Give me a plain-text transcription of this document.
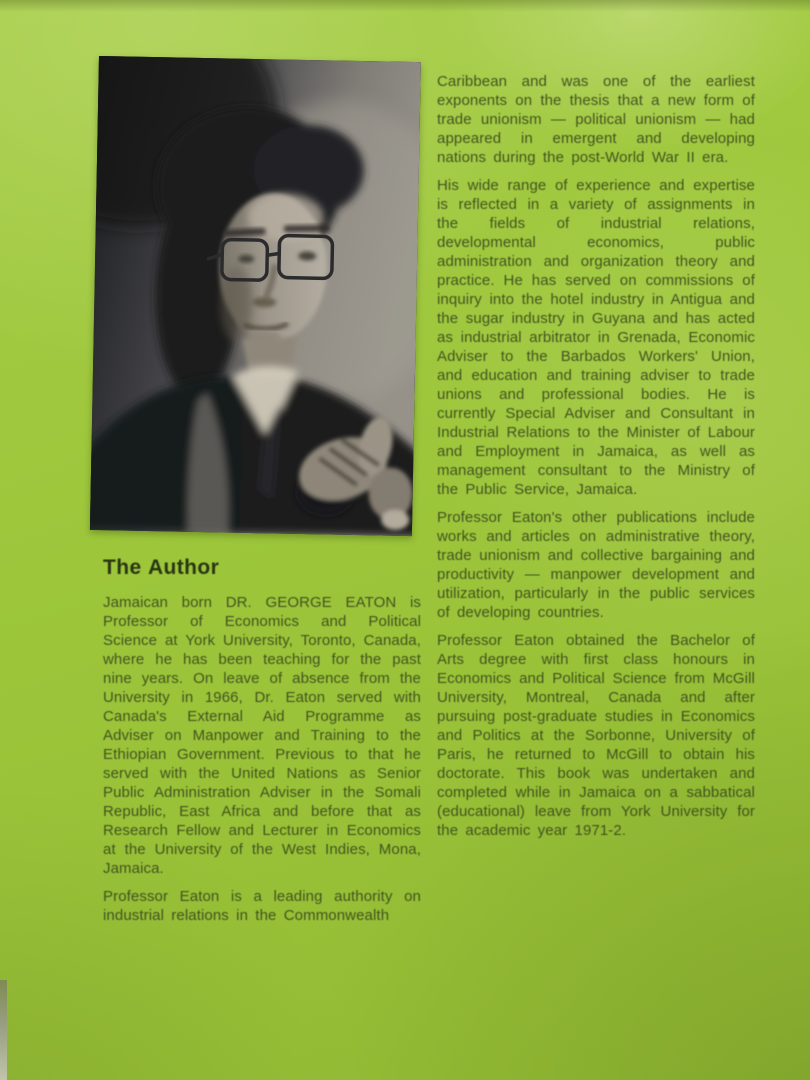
The Author

Jamaican born DR. GEORGE EATON is Professor of Economics and Political Science at York University, Toronto, Canada, where he has been teaching for the past nine years. On leave of absence from the University in 1966, Dr. Eaton served with Canada's External Aid Programme as Adviser on Manpower and Training to the Ethiopian Government. Previous to that he served with the United Nations as Senior Public Administration Adviser in the Somali Republic, East Africa and before that as Research Fellow and Lecturer in Economics at the University of the West Indies, Mona, Jamaica.

Professor Eaton is a leading authority on industrial relations in the Commonwealth

Caribbean and was one of the earliest exponents on the thesis that a new form of trade unionism — political unionism — had appeared in emergent and developing nations during the post-World War II era.

His wide range of experience and expertise is reflected in a variety of assignments in the fields of industrial relations, developmental economics, public administration and organization theory and practice. He has served on commissions of inquiry into the hotel industry in Antigua and the sugar industry in Guyana and has acted as industrial arbitrator in Grenada, Economic Adviser to the Barbados Workers' Union, and education and training adviser to trade unions and professional bodies. He is currently Special Adviser and Consultant in Industrial Relations to the Minister of Labour and Employment in Jamaica, as well as management consultant to the Ministry of the Public Service, Jamaica.

Professor Eaton's other publications include works and articles on administrative theory, trade unionism and collective bargaining and productivity — manpower development and utilization, particularly in the public services of developing countries.

Professor Eaton obtained the Bachelor of Arts degree with first class honours in Economics and Political Science from McGill University, Montreal, Canada and after pursuing post-graduate studies in Economics and Politics at the Sorbonne, University of Paris, he returned to McGill to obtain his doctorate. This book was undertaken and completed while in Jamaica on a sabbatical (educational) leave from York University for the academic year 1971-2.
